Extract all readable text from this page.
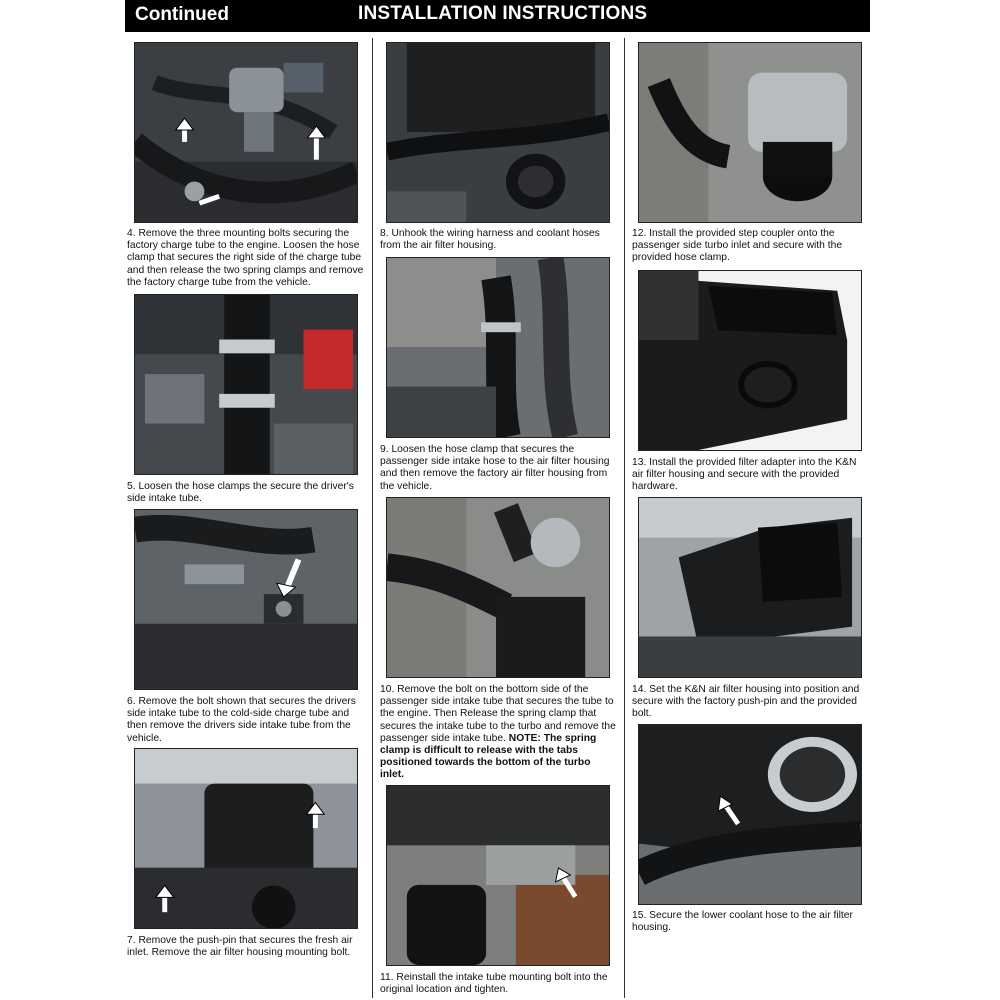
Continued	INSTALLATION INSTRUCTIONS
4. Remove the three mounting bolts securing the factory charge tube to the engine. Loosen the hose clamp that secures the right side of the charge tube and then release the two spring clamps and remove the factory charge tube from the vehicle.
5. Loosen the hose clamps the secure the driver's side intake tube.
6. Remove the bolt shown that secures the drivers side intake tube to the cold-side charge tube and then remove the drivers side intake tube from the vehicle.
7. Remove the push-pin that secures the fresh air inlet. Remove the air filter housing mounting bolt.
8. Unhook the wiring harness and coolant hoses from the air filter housing.
9. Loosen the hose clamp that secures the passenger side intake hose to the air filter housing and then remove the factory air filter housing from the vehicle.
10. Remove the bolt on the bottom side of the passenger side intake tube that secures the tube to the engine. Then Release the spring clamp that secures the intake tube to the turbo and remove the passenger side intake tube. NOTE: The spring clamp is difficult to release with the tabs positioned towards the bottom of the turbo inlet.
11. Reinstall the intake tube mounting bolt into the original location and tighten.
12. Install the provided step coupler onto the passenger side turbo inlet and secure with the provided hose clamp.
13. Install the provided filter adapter into the K&N air filter housing and secure with the provided hardware.
14. Set the K&N air filter housing into position and secure with the factory push-pin and the provided bolt.
15. Secure the lower coolant hose to the air filter housing.
